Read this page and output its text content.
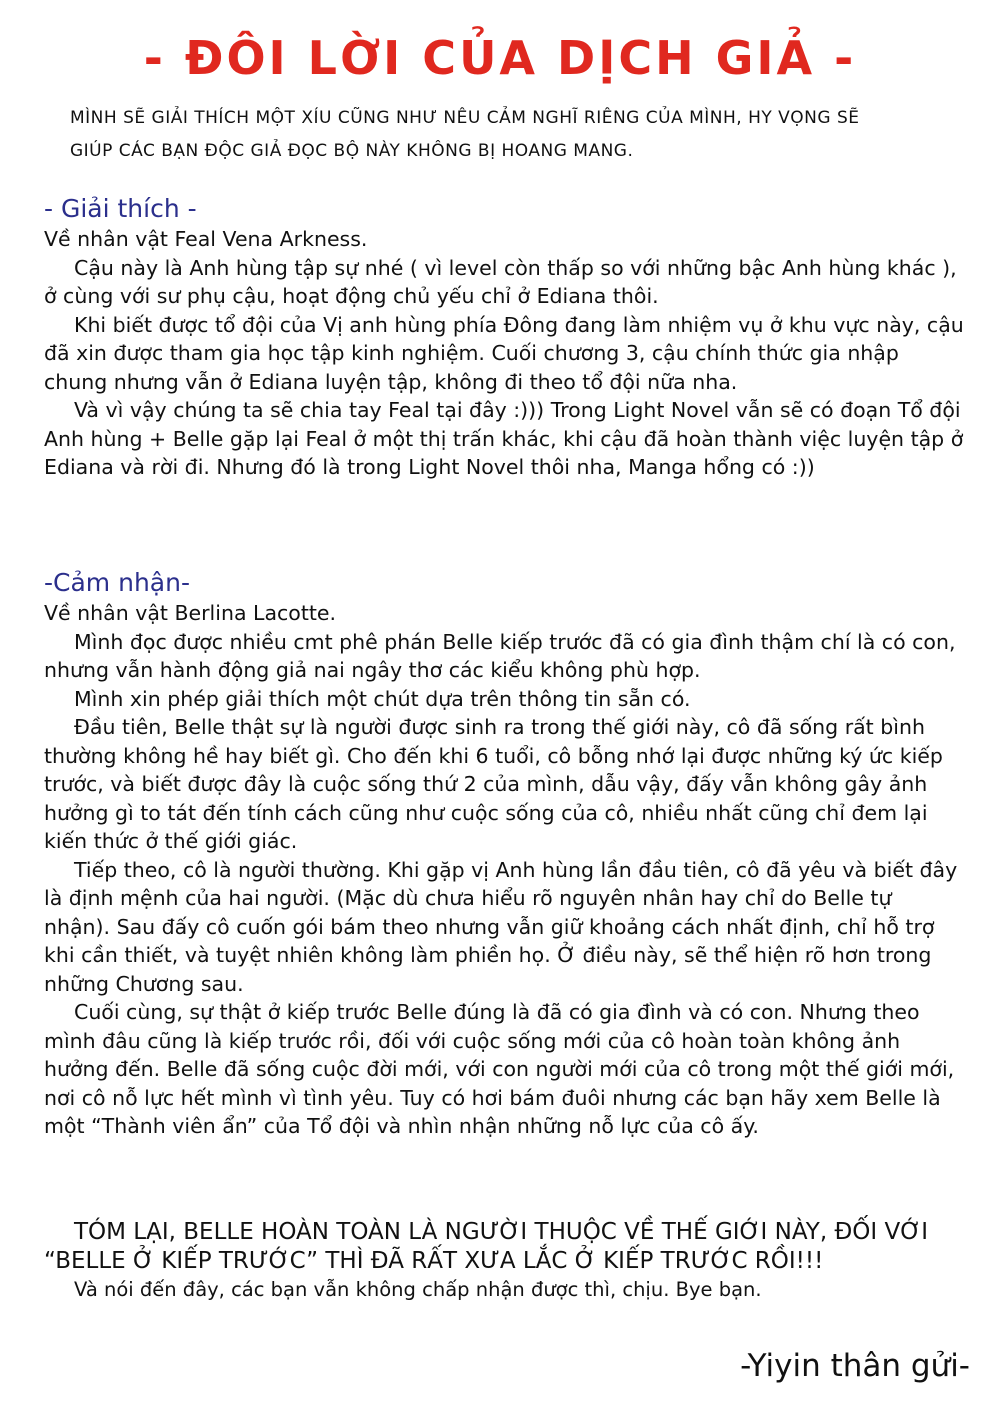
- ĐÔI LỜI CỦA DỊCH GIẢ -
MÌNH SẼ GIẢI THÍCH MỘT XÍU CŨNG NHƯ NÊU CẢM NGHĨ RIÊNG CỦA MÌNH, HY VỌNG SẼ
GIÚP CÁC BẠN ĐỘC GIẢ ĐỌC BỘ NÀY KHÔNG BỊ HOANG MANG.
- Giải thích -

Về nhân vật Feal Vena Arkness.

Cậu này là Anh hùng tập sự nhé ( vì level còn thấp so với những bậc Anh hùng khác ), ở cùng với sư phụ cậu, hoạt động chủ yếu chỉ ở Ediana thôi.

Khi biết được tổ đội của Vị anh hùng phía Đông đang làm nhiệm vụ ở khu vực này, cậu đã xin được tham gia học tập kinh nghiệm. Cuối chương 3, cậu chính thức gia nhập chung nhưng vẫn ở Ediana luyện tập, không đi theo tổ đội nữa nha.

Và vì vậy chúng ta sẽ chia tay Feal tại đây :))) Trong Light Novel vẫn sẽ có đoạn Tổ đội Anh hùng + Belle gặp lại Feal ở một thị trấn khác, khi cậu đã hoàn thành việc luyện tập ở Ediana và rời đi. Nhưng đó là trong Light Novel thôi nha, Manga hổng có :))

-Cảm nhận-

Về nhân vật Berlina Lacotte.

Mình đọc được nhiều cmt phê phán Belle kiếp trước đã có gia đình thậm chí là có con, nhưng vẫn hành động giả nai ngây thơ các kiểu không phù hợp.

Mình xin phép giải thích một chút dựa trên thông tin sẵn có.

Đầu tiên, Belle thật sự là người được sinh ra trong thế giới này, cô đã sống rất bình thường không hề hay biết gì. Cho đến khi 6 tuổi, cô bỗng nhớ lại được những ký ức kiếp trước, và biết được đây là cuộc sống thứ 2 của mình, dẫu vậy, đấy vẫn không gây ảnh hưởng gì to tát đến tính cách cũng như cuộc sống của cô, nhiều nhất cũng chỉ đem lại kiến thức ở thế giới giác.

Tiếp theo, cô là người thường. Khi gặp vị Anh hùng lần đầu tiên, cô đã yêu và biết đây là định mệnh của hai người. (Mặc dù chưa hiểu rõ nguyên nhân hay chỉ do Belle tự nhận). Sau đấy cô cuốn gói bám theo nhưng vẫn giữ khoảng cách nhất định, chỉ hỗ trợ khi cần thiết, và tuyệt nhiên không làm phiền họ. Ở điều này, sẽ thể hiện rõ hơn trong những Chương sau.

Cuối cùng, sự thật ở kiếp trước Belle đúng là đã có gia đình và có con. Nhưng theo mình đâu cũng là kiếp trước rồi, đối với cuộc sống mới của cô hoàn toàn không ảnh hưởng đến. Belle đã sống cuộc đời mới, với con người mới của cô trong một thế giới mới, nơi cô nỗ lực hết mình vì tình yêu. Tuy có hơi bám đuôi nhưng các bạn hãy xem Belle là một “Thành viên ẩn” của Tổ đội và nhìn nhận những nỗ lực của cô ấy.

TÓM LẠI, BELLE HOÀN TOÀN LÀ NGƯỜI THUỘC VỀ THẾ GIỚI NÀY, ĐỐI VỚI “BELLE Ở KIẾP TRƯỚC” THÌ ĐÃ RẤT XƯA LẮC Ở KIẾP TRƯỚC RỒI!!!

Và nói đến đây, các bạn vẫn không chấp nhận được thì, chịu. Bye bạn.

-Yiyin thân gửi-
